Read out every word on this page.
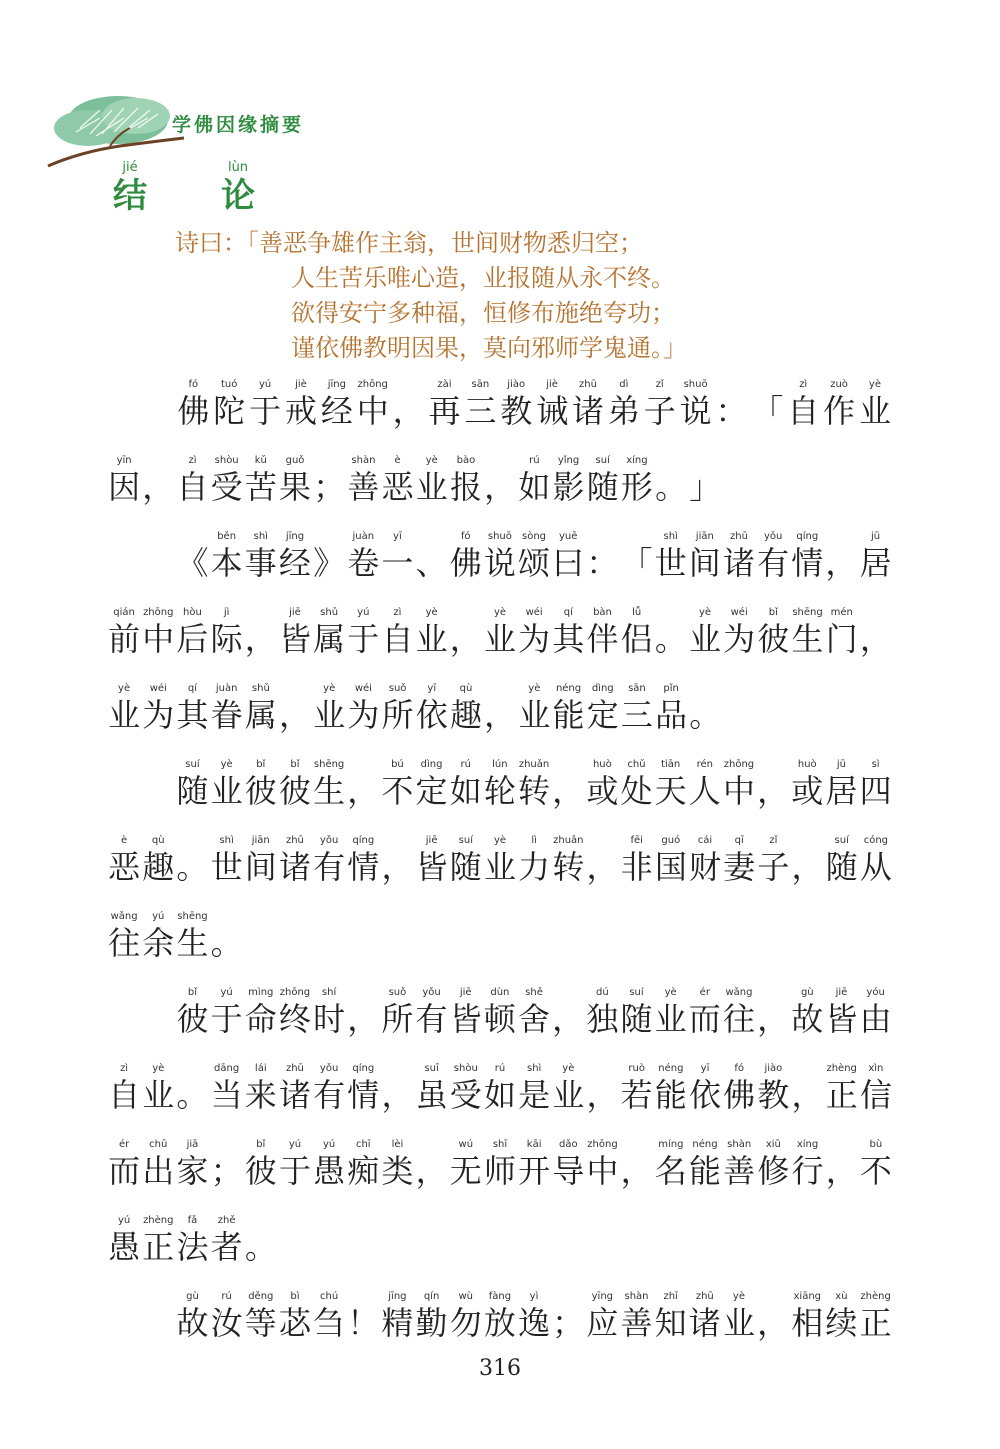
学佛因缘摘要
jié
结
lùn
论
诗曰：「善恶争雄作主翁，世间财物悉归空；
人生苦乐唯心造，业报随从永不终。
欲得安宁多种福，恒修布施绝夸功；
谨依佛教明因果，莫向邪师学鬼通。」
fó
佛
tuó
陀
yú
于
jiè
戒
jīng
经
zhōng
中 ，
zài
再
sān
三
jiào
教
jiè
诫
zhū
诸
dì
弟
zǐ
子
shuō
说 ： 「
zì
自
zuò
作
yè
业
yīn
因 ，
zì
自
shòu
受
kǔ
苦
guǒ
果 ；
shàn
善
è
恶
yè
业
bào
报 ，
rú
如
yǐng
影
suí
随
xíng
形 。 」
《
běn
本
shì
事
jīng
经 》
juàn
卷
yī
一 、
fó
佛
shuō
说
sòng
颂
yuē
曰 ： 「
shì
世
jiān
间
zhū
诸
yǒu
有
qíng
情 ，
jū
居
qián
前
zhōng
中
hòu
后
jì
际 ，
jiē
皆
shǔ
属
yú
于
zì
自
yè
业 ，
yè
业
wéi
为
qí
其
bàn
伴
lǚ
侣 。
yè
业
wéi
为
bǐ
彼
shēng
生
mén
门 ，
yè
业
wéi
为
qí
其
juàn
眷
shǔ
属 ，
yè
业
wéi
为
suǒ
所
yī
依
qù
趣 ，
yè
业
néng
能
dìng
定
sān
三
pǐn
品 。
suí
随
yè
业
bǐ
彼
bǐ
彼
shēng
生 ，
bú
不
dìng
定
rú
如
lún
轮
zhuǎn
转 ，
huò
或
chǔ
处
tiān
天
rén
人
zhōng
中 ，
huò
或
jū
居
sì
四
è
恶
qù
趣 。
shì
世
jiān
间
zhū
诸
yǒu
有
qíng
情 ，
jiē
皆
suí
随
yè
业
lì
力
zhuǎn
转 ，
fēi
非
guó
国
cái
财
qī
妻
zǐ
子 ，
suí
随
cóng
从
wǎng
往
yú
余
shēng
生 。
bǐ
彼
yú
于
mìng
命
zhōng
终
shí
时 ，
suǒ
所
yǒu
有
jiē
皆
dùn
顿
shě
舍 ，
dú
独
suí
随
yè
业
ér
而
wǎng
往 ，
gù
故
jiē
皆
yóu
由
zì
自
yè
业 。
dāng
当
lái
来
zhū
诸
yǒu
有
qíng
情 ，
suī
虽
shòu
受
rú
如
shì
是
yè
业 ，
ruò
若
néng
能
yī
依
fó
佛
jiào
教 ，
zhèng
正
xìn
信
ér
而
chū
出
jiā
家 ；
bǐ
彼
yú
于
yú
愚
chī
痴
lèi
类 ，
wú
无
shī
师
kāi
开
dǎo
导
zhōng
中 ，
míng
名
néng
能
shàn
善
xiū
修
xíng
行 ，
bù
不
yú
愚
zhèng
正
fǎ
法
zhě
者 。
gù
故
rú
汝
děng
等
bì
苾
chú
刍 ！
jīng
精
qín
勤
wù
勿
fàng
放
yì
逸 ；
yīng
应
shàn
善
zhī
知
zhū
诸
yè
业 ，
xiāng
相
xù
续
zhèng
正
316
